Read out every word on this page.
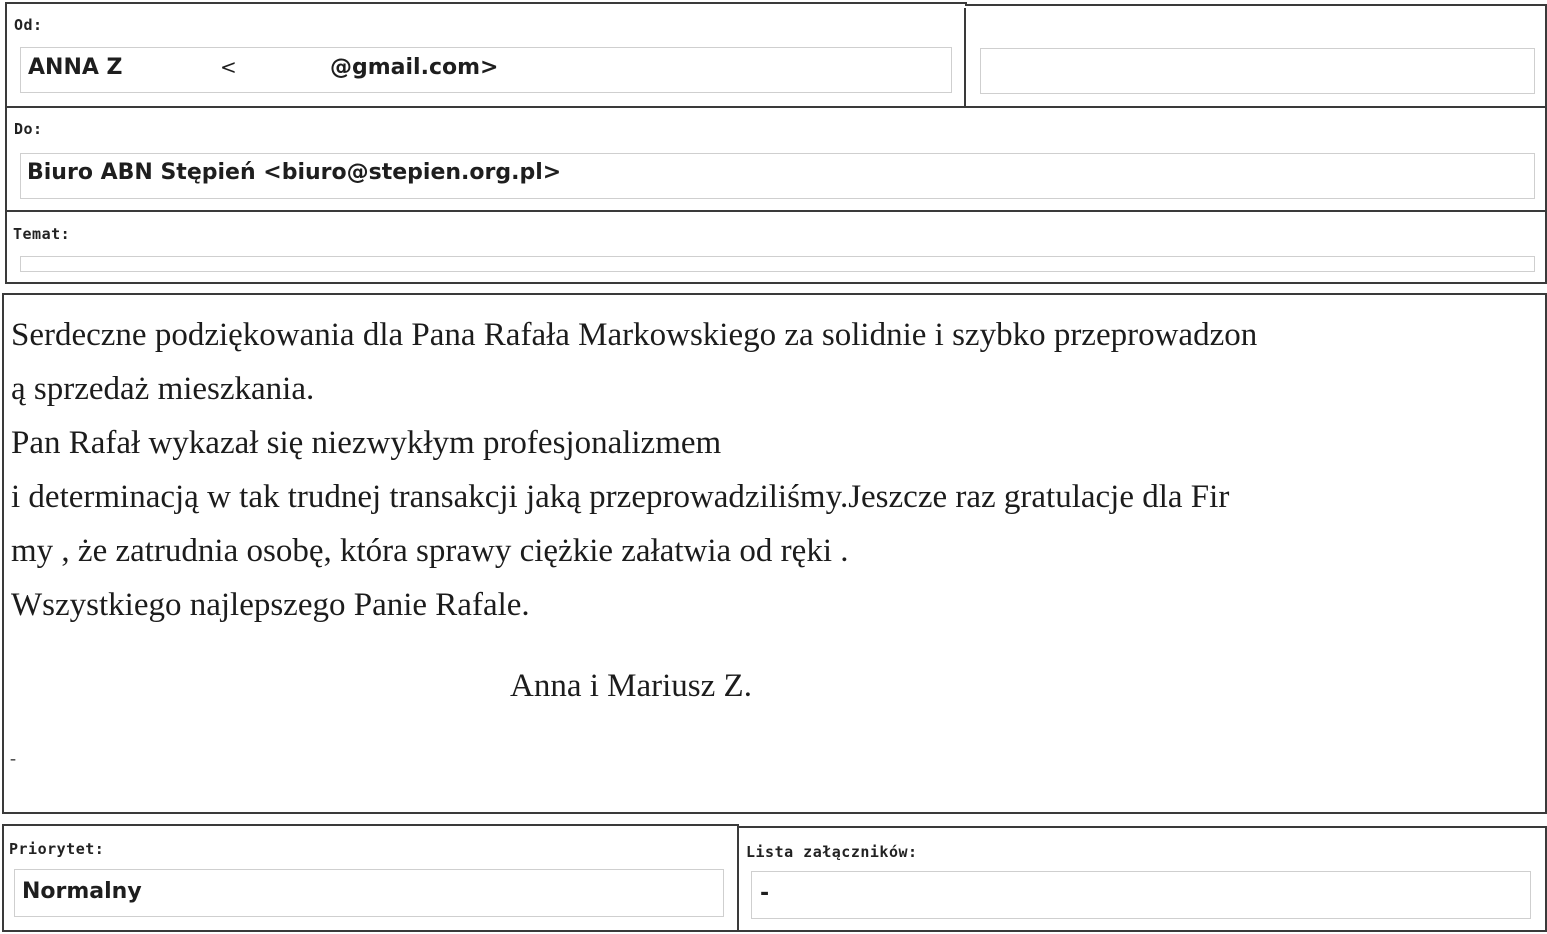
Od:
ANNA Z	<	@gmail.com>
Do:
Biuro ABN Stępień <biuro@stepien.org.pl>
Temat:

Serdeczne podziękowania dla Pana Rafała Markowskiego za solidnie i szybko przeprowadzon

ą sprzedaż mieszkania.

Pan Rafał wykazał się niezwykłym profesjonalizmem

i determinacją w tak trudnej transakcji jaką przeprowadziliśmy.Jeszcze raz gratulacje dla Fir

my , że zatrudnia osobę, która sprawy ciężkie załatwia od ręki .

Wszystkiego najlepszego Panie Rafale.

Anna i Mariusz Z.
-
Priorytet:
Normalny
Lista załączników:
-
